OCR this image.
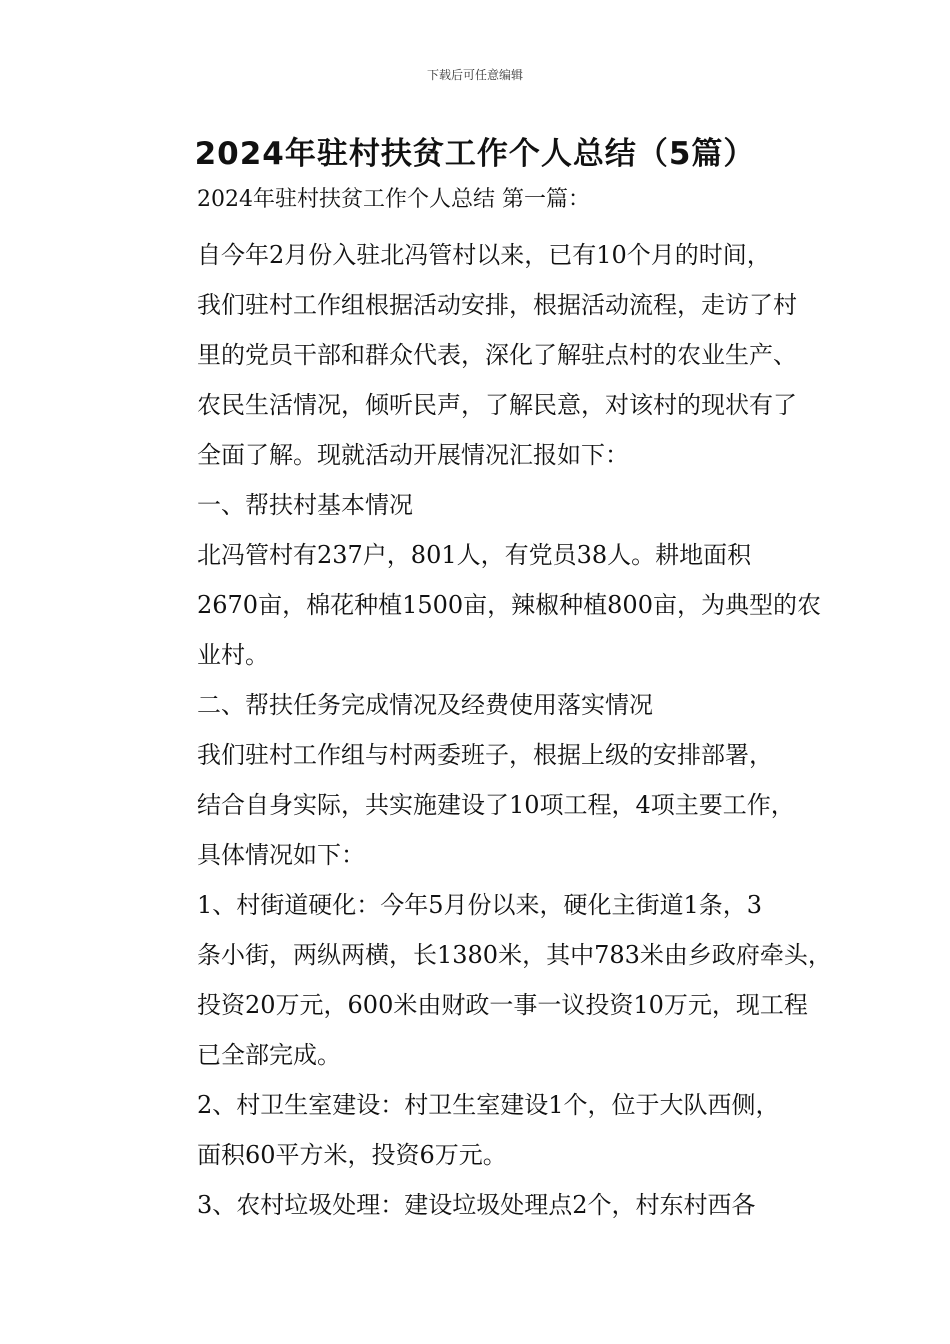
下载后可任意编辑
2024年驻村扶贫工作个人总结（5篇）
2024年驻村扶贫工作个人总结 第一篇：
自今年2月份入驻北冯管村以来，已有10个月的时间，
我们驻村工作组根据活动安排，根据活动流程，走访了村
里的党员干部和群众代表，深化了解驻点村的农业生产、
农民生活情况，倾听民声，了解民意，对该村的现状有了
全面了解。现就活动开展情况汇报如下：
一、帮扶村基本情况
北冯管村有237户，801人，有党员38人。耕地面积
2670亩，棉花种植1500亩，辣椒种植800亩，为典型的农
业村。
二、帮扶任务完成情况及经费使用落实情况
我们驻村工作组与村两委班子，根据上级的安排部署，
结合自身实际，共实施建设了10项工程，4项主要工作，
具体情况如下：
1、村街道硬化：今年5月份以来，硬化主街道1条，3
条小街，两纵两横，长1380米，其中783米由乡政府牵头，
投资20万元，600米由财政一事一议投资10万元，现工程
已全部完成。
2、村卫生室建设：村卫生室建设1个，位于大队西侧，
面积60平方米，投资6万元。
3、农村垃圾处理：建设垃圾处理点2个，村东村西各
